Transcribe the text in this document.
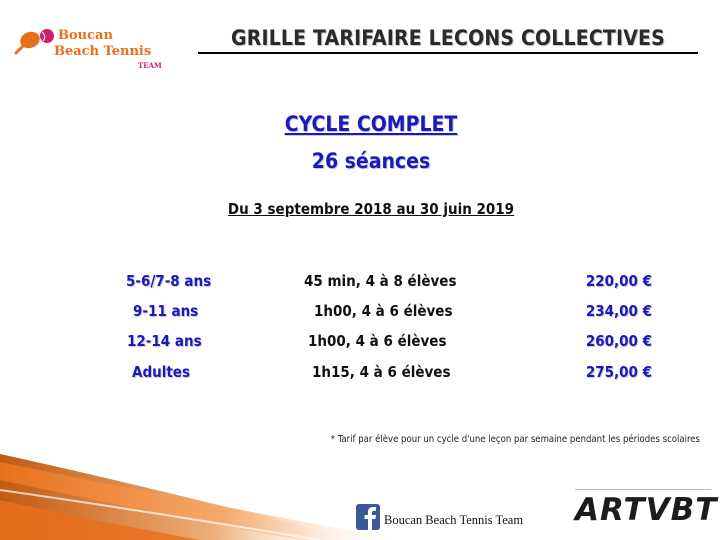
Boucan
Beach Tennis
TEAM
GRILLE TARIFAIRE LECONS COLLECTIVES
CYCLE COMPLET
26 séances
Du 3 septembre 2018 au 30 juin 2019
5-6/7-8 ans	45 min, 4 à 8 élèves	220,00 €
9-11 ans	1h00, 4 à 6 élèves	234,00 €
12-14 ans	1h00, 4 à 6 élèves	260,00 €
Adultes	1h15, 4 à 6 élèves	275,00 €
* Tarif par élève pour un cycle d'une leçon par semaine pendant les périodes scolaires
Boucan Beach Tennis Team ARTVBT
